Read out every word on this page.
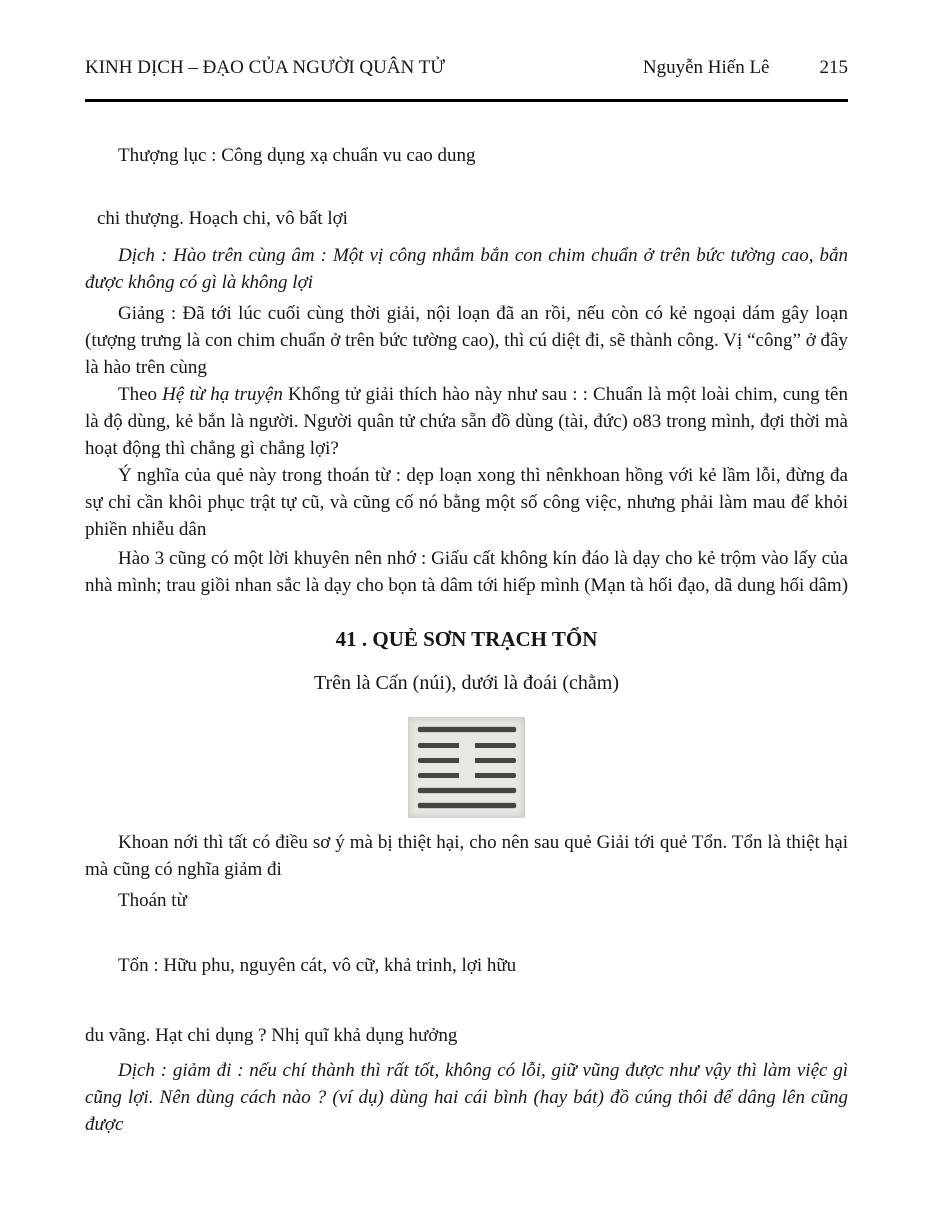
KINH DỊCH – ĐẠO CỦA NGƯỜI QUÂN TỬ	Nguyễn Hiến Lê	215

Thượng lục : Công dụng xạ chuẩn vu cao dung

chi thượng. Hoạch chi, vô bất lợi

Dịch : Hào trên cùng âm : Một vị công nhắm bắn con chim chuẩn ở trên bức tường cao, bắn được không có gì là không lợi

Giảng : Đã tới lúc cuối cùng thời giải, nội loạn đã an rồi, nếu còn có kẻ ngoại dám gây loạn (tượng trưng là con chim chuẩn ở trên bức tường cao), thì cú diệt đi, sẽ thành công. Vị “công” ở đây là hào trên cùng

Theo Hệ từ hạ truyện Khổng tử giải thích hào này như sau : : Chuẩn là một loài chim, cung tên là độ dùng, kẻ bắn là người. Người quân tử chứa sẵn đồ dùng (tài, đức) o83 trong mình, đợi thời mà hoạt động thì chẳng gì chẳng lợi?

Ý nghĩa của quẻ này trong thoán từ : dẹp loạn xong thì nênkhoan hồng với kẻ lầm lỗi, đừng đa sự chỉ cần khôi phục trật tự cũ, và cũng cố nó bằng một số công việc, nhưng phải làm mau để khỏi phiền nhiễu dân

Hào 3 cũng có một lời khuyên nên nhớ : Giấu cất không kín đáo là dạy cho kẻ trộm vào lấy của nhà mình; trau giồi nhan sắc là dạy cho bọn tà dâm tới hiếp mình (Mạn tà hối đạo, dã dung hối dâm)

41 . QUẺ SƠN TRẠCH TỔN

Trên là Cấn (núi), dưới là đoái (chằm)

Khoan nới thì tất có điều sơ ý mà bị thiệt hại, cho nên sau quẻ Giải tới quẻ Tổn. Tổn là thiệt hại mà cũng có nghĩa giảm đi

Thoán từ

Tổn : Hữu phu, nguyên cát, vô cữ, khả trinh, lợi hữu

du vãng. Hạt chi dụng ? Nhị quĩ khả dụng hưởng

Dịch : giảm đi : nếu chí thành thì rất tốt, không có lỗi, giữ vũng được như vậy thì làm việc gì cũng lợi. Nên dùng cách nào ? (ví dụ) dùng hai cái bình (hay bát) đồ cúng thôi để dâng lên cũng được
